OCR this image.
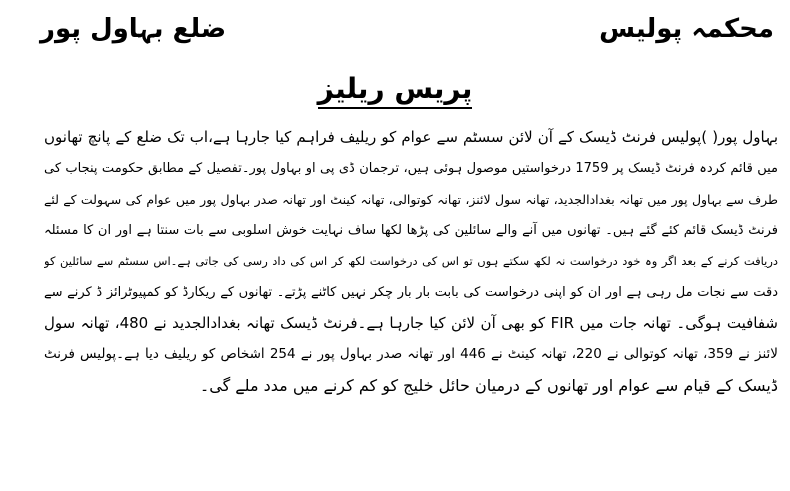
محکمہ پولیس
ضلع بہاول پور
پریس ریلیز
بہاول پور( )پولیس فرنٹ ڈیسک کے آن لائن سسٹم سے عوام کو ریلیف فراہم کیا جارہا ہے،اب تک ضلع کے پانچ تھانوں
میں قائم کردہ فرنٹ ڈیسک پر 1759 درخواستیں موصول ہوئی ہیں، ترجمان ڈی پی او بہاول پور۔تفصیل کے مطابق حکومت پنجاب کی
طرف سے بہاول پور میں تھانہ بغدادالجدید، تھانہ سول لائنز، تھانہ کوتوالی، تھانہ کینٹ اور تھانہ صدر بہاول پور میں عوام کی سہولت کے لئے
فرنٹ ڈیسک قائم کئے گئے ہیں۔ تھانوں میں آنے والے سائلین کی پڑھا لکھا ساف نہایت خوش اسلوبی سے بات سنتا ہے اور ان کا مسئلہ
دریافت کرنے کے بعد اگر وہ خود درخواست نہ لکھ سکتے ہوں تو اس کی درخواست لکھ کر اس کی داد رسی کی جاتی ہے۔اس سسٹم سے سائلین کو
دقت سے نجات مل رہی ہے اور ان کو اپنی درخواست کی بابت بار بار چکر نہیں کاٹنے پڑتے۔ تھانوں کے ریکارڈ کو کمپیوٹرائز ڈ کرنے سے
شفافیت ہوگی۔ تھانہ جات میں FIR کو بھی آن لائن کیا جارہا ہے۔فرنٹ ڈیسک تھانہ بغدادالجدید نے 480، تھانہ سول
لائنز نے 359، تھانہ کوتوالی نے 220، تھانہ کینٹ نے 446 اور تھانہ صدر بہاول پور نے 254 اشخاص کو ریلیف دیا ہے۔پولیس فرنٹ
ڈیسک کے قیام سے عوام اور تھانوں کے درمیان حائل خلیج کو کم کرنے میں مدد ملے گی۔
